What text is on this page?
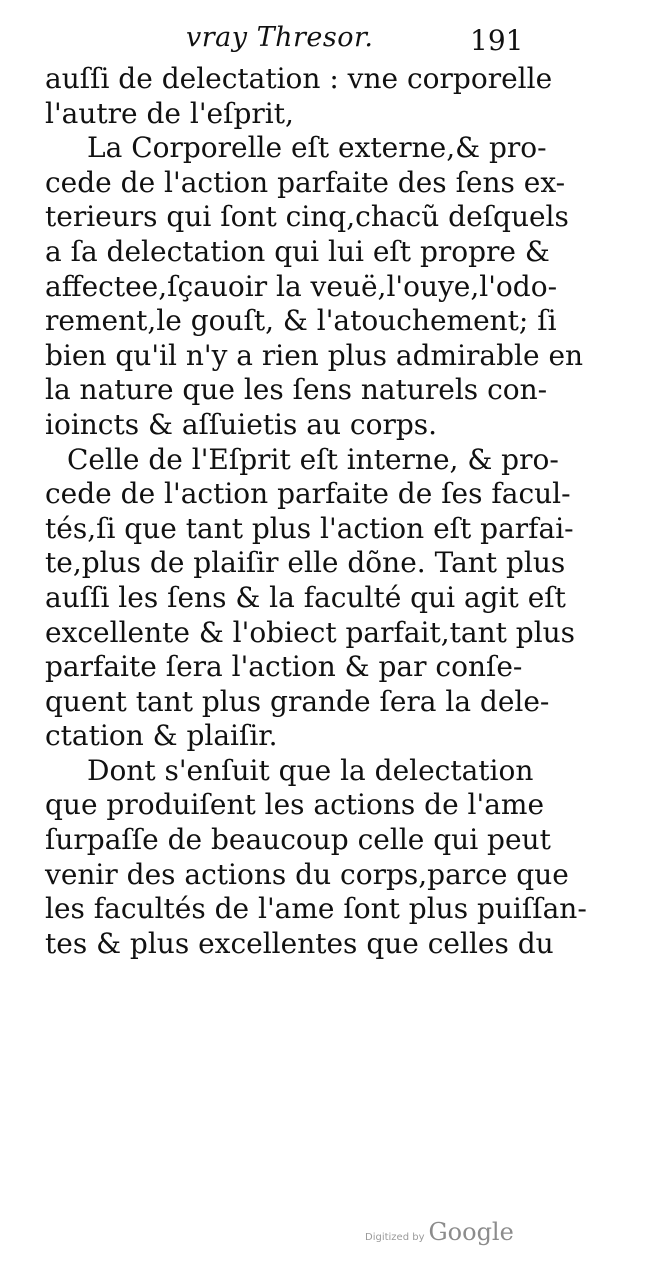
vray Thresor.	191
auſſi de delectation : vne corporelle
l'autre de l'eſprit,
La Corporelle eſt externe,& pro-
cede de l'action parfaite des ſens ex-
terieurs qui ſont cinq,chacũ deſquels
a ſa delectation qui lui eſt propre &
affectee,ſçauoir la veuë,l'ouye,l'odo-
rement,le gouſt, & l'atouchement; ſi
bien qu'il n'y a rien plus admirable en
la nature que les ſens naturels con-
ioincts & aſſuietis au corps.
Celle de l'Eſprit eſt interne, & pro-
cede de l'action parfaite de ſes facul-
tés,ſi que tant plus l'action eſt parfai-
te,plus de plaiſir elle dõne. Tant plus
auſſi les ſens & la faculté qui agit eſt
excellente & l'obiect parfait,tant plus
parfaite ſera l'action & par conſe-
quent tant plus grande ſera la dele-
ctation & plaiſir.
Dont s'enſuit que la delectation
que produiſent les actions de l'ame
ſurpaſſe de beaucoup celle qui peut
venir des actions du corps,parce que
les facultés de l'ame ſont plus puiſſan-
tes & plus excellentes que celles du
Digitized by Google
